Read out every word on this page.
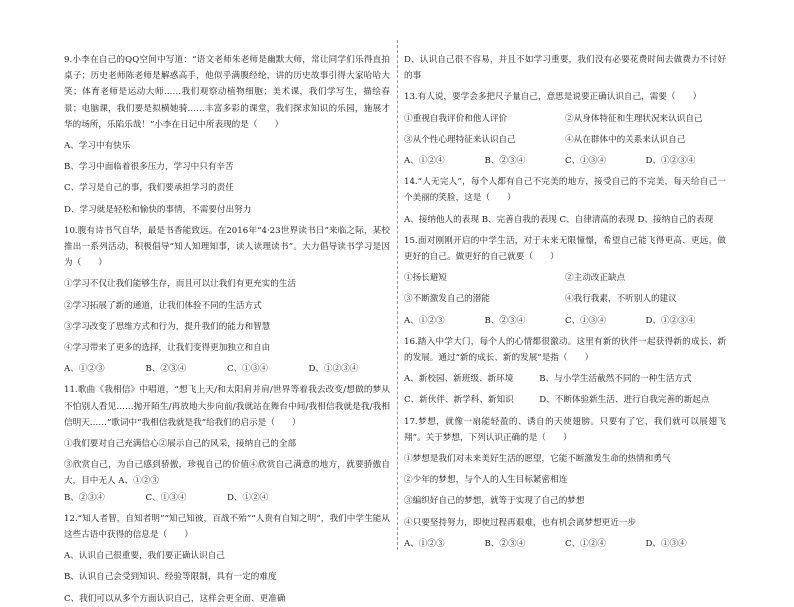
9.小李在自己的QQ空间中写道：“语文老师朱老师是幽默大师，常让同学们乐得直拍桌子；历史老师陈老师是解惑高手，他似乎满腹经纶，讲的历史故事引得大家哈哈大笑；体育老师是运动大师……我们观察动植物细胞；美术课，我们学写生，描绘春景；电脑课，我们要是拟横她骑……丰富多彩的课堂，我们探求知识的乐园，施展才华的场所，乐陷乐哉！”小李在日记中所表现的是（　　）

A、学习中有快乐

B、学习中面临着很多压力，学习中只有辛苦

C、学习是自己的事，我们要承担学习的责任

D、学习就是轻松和愉快的事情，不需要付出努力

10.腹有诗书气自华，最是书香能致远。在2016年“4·23世界读书日”来临之际，某校推出一系列活动，积极倡导“知人知理知事，读人读理读书”。大力倡导读书学习是因为（　　）

①学习不仅让我们能够生存，而且可以让我们有更充实的生活

②学习拓展了新的通道，让我们体验不同的生活方式

③学习改变了思维方式和行为，提升我们的能力和智慧

④学习带来了更多的选择，让我们变得更加独立和自由

A、①②③	B、②③④	C、①③④	D、①②③④

11.歌曲《我相信》中唱道，“想飞上天/和太阳肩并肩/世界等着我去改变/想做的梦从不怕别人看见……抛开陌生/再放地大步向前/我就站在舞台中间/我相信我就是我/我相信明天……”歌词中“我相信我就是我”给我们的启示是（　　）

①我们要对自己充满信心②展示自己的风采，接纳自己的全部

③欣赏自己，为自己感到骄傲，珍视自己的价值④欣赏自己满意的地方，就要骄傲自大，目中无人 A、①②③

B、②③④	C、①③④	D、①②④

12.“知人者智，自知者明”“知己知彼，百战不殆”“人贵有自知之明”，我们中学生能从这些古语中获得的信息是（　　）

A、认识自己很重要，我们要正确认识自己

B、认识自己会受到知识、经验等限制，具有一定的难度

C、我们可以从多个方面认识自己，这样会更全面、更准确

D、认识自己很不容易，并且不如学习重要，我们没有必要花费时间去做费力不讨好的事

13.有人说，要学会多把尺子量自己，意思是说要正确认识自己，需要（　　）

①重视自我评价和他人评价	②从身体特征和生理状况来认识自己
③从个性心理特征来认识自己	④从在群体中的关系来认识自己
A、①②④	B、②③④	C、①③④	D、①②③④

14.“人无完人”，每个人都有自己不完美的地方，接受自己的不完美，每天给自己一个美丽的笑脸，这是（　　）

A、接纳他人的表现 B、完善自我的表现 C、自律清高的表现 D、接纳自己的表现

15.面对刚刚开启的中学生活，对于未来无限憧憬，希望自己能飞得更高、更远，做更好的自己。做更好的自己就要（　　）

①扬长避短	②主动改正缺点
③不断激发自己的潜能	④我行我素，不听别人的建议
A、①②③	B、②③④	C、①③④	D、①②③④

16.踏入中学大门，每个人的心情都很激动。这里有新的伙伴一起获得新的成长、新的发展。通过“新的成长、新的发展”是指（　　）

A、新校园、新班级、新环境	B、与小学生活截然不同的一种生活方式
C、新伙伴、新学科、新知识	D、不断体验新生活、进行自我完善的新起点

17.梦想，就像一扇能轻盈的、诱自的天使翅膀。只要有了它，我们就可以展翅飞翔”。关于梦想，下列认识正确的是（　　）

①梦想是我们对未来美好生活的愿望，它能不断激发生命的热情和勇气

②少年的梦想，与个人的人生目标紧密相连

③编织好自己的梦想，就等于实现了自己的梦想

④只要坚持努力，即使过程再艰难，也有机会离梦想更近一步

A、①②③	B、②③④	C、①②④	D、①③④
